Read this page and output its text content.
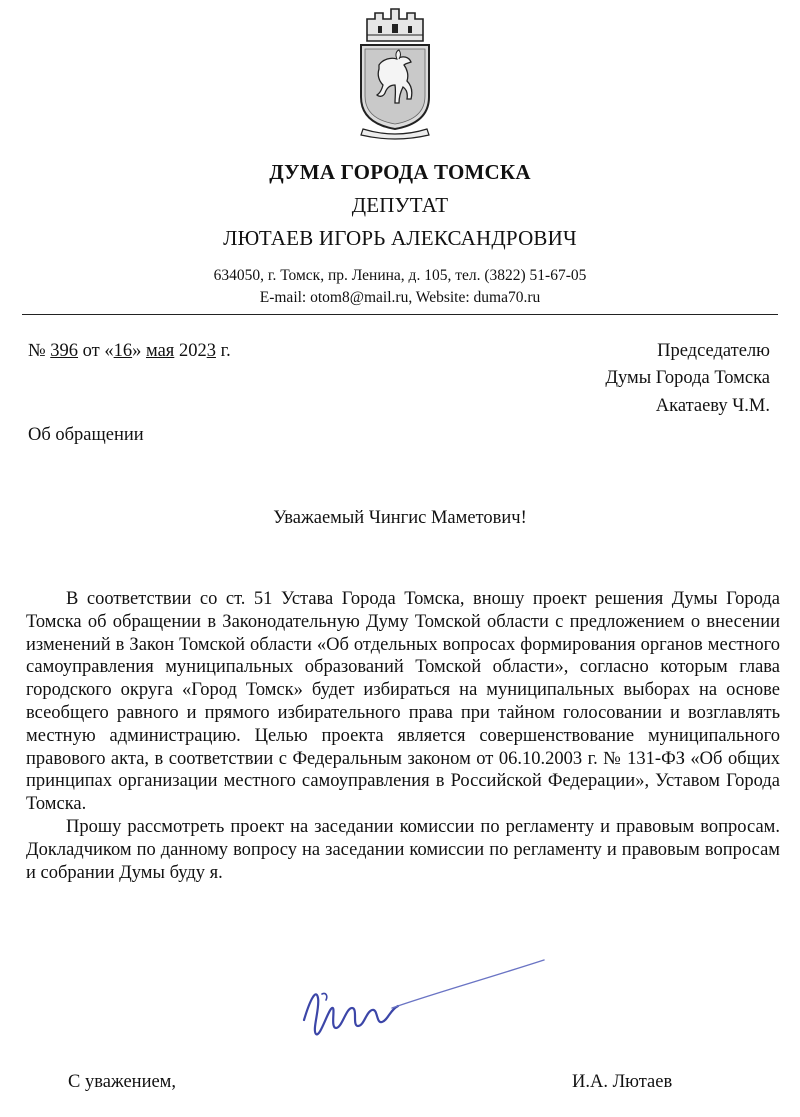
ДУМА ГОРОДА ТОМСКА
ДЕПУТАТ
ЛЮТАЕВ ИГОРЬ АЛЕКСАНДРОВИЧ
634050, г. Томск, пр. Ленина, д. 105, тел. (3822) 51-67-05
E-mail: otom8@mail.ru, Website: duma70.ru
№ 396 от «16» мая 2023 г.	Председателю
Думы Города Томска
Акатаеву Ч.М.
Об обращении
Уважаемый Чингис Маметович!

В соответствии со ст. 51 Устава Города Томска, вношу проект решения Думы Города Томска об обращении в Законодательную Думу Томской области с предложением о внесении изменений в Закон Томской области «Об отдельных вопросах формирования органов местного самоуправления муниципальных образований Томской области», согласно которым глава городского округа «Город Томск» будет избираться на муниципальных выборах на основе всеобщего равного и прямого избирательного права при тайном голосовании и возглавлять местную администрацию. Целью проекта является совершенствование муниципального правового акта, в соответствии с Федеральным законом от 06.10.2003 г. № 131-ФЗ «Об общих принципах организации местного самоуправления в Российской Федерации», Уставом Города Томска.

Прошу рассмотреть проект на заседании комиссии по регламенту и правовым вопросам. Докладчиком по данному вопросу на заседании комиссии по регламенту и правовым вопросам и собрании Думы буду я.

С уважением,	И.А. Лютаев
